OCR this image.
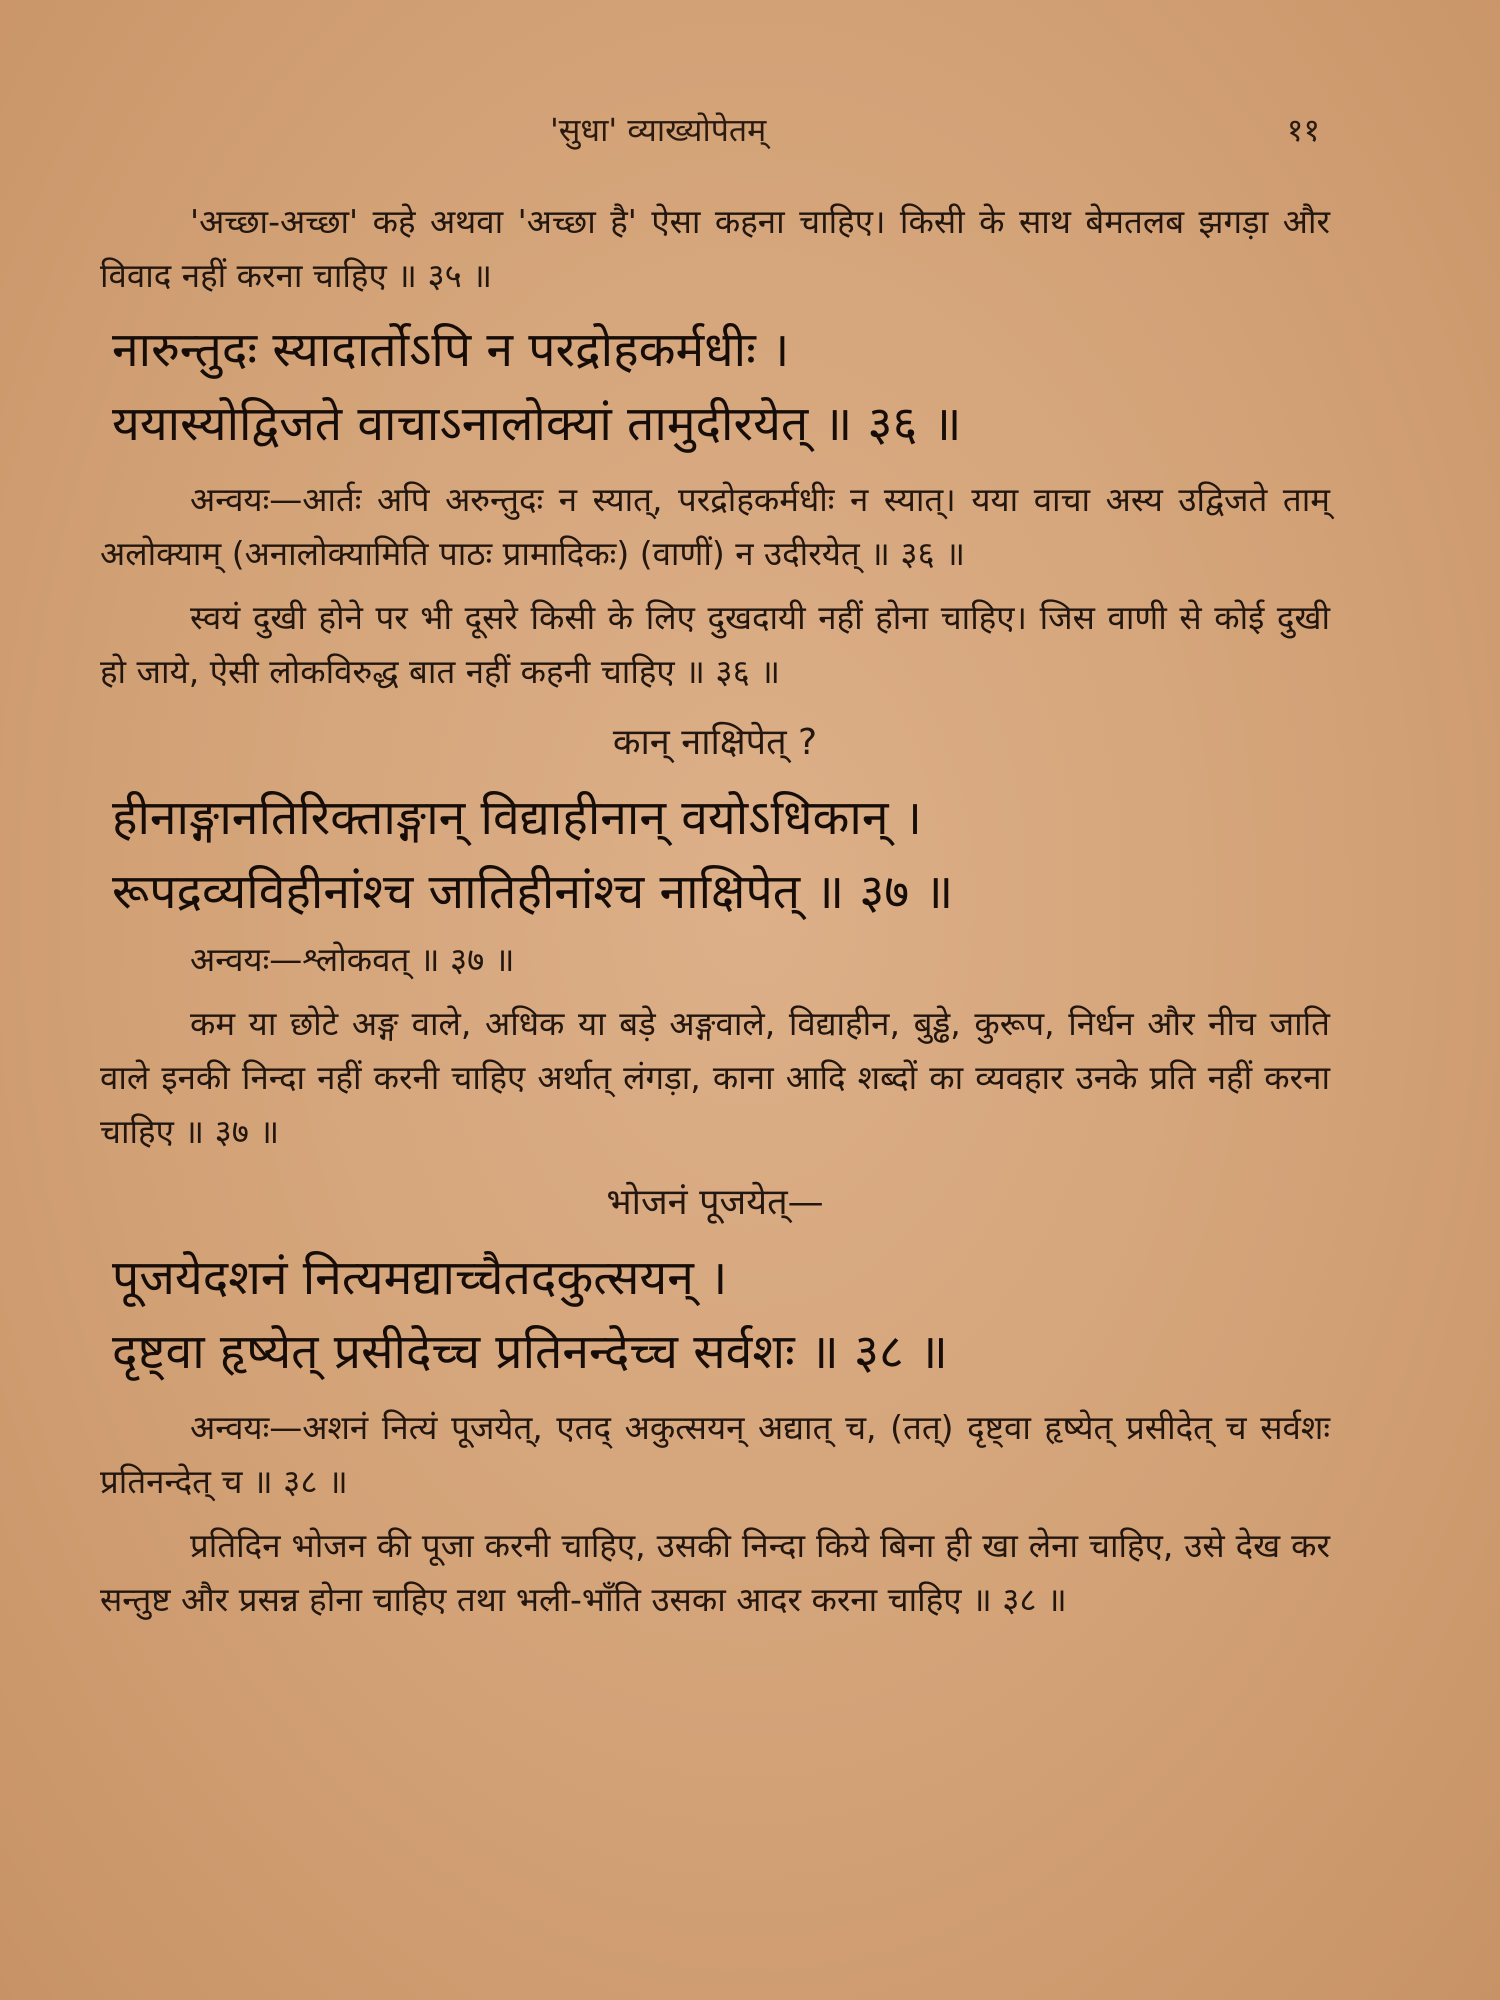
'सुधा' व्याख्योपेतम्	११

'अच्छा-अच्छा' कहे अथवा 'अच्छा है' ऐसा कहना चाहिए। किसी के साथ बेमतलब झगड़ा और विवाद नहीं करना चाहिए ॥ ३५ ॥

नारुन्तुदः स्यादार्तोऽपि न परद्रोहकर्मधीः ।
ययास्योद्विजते वाचाऽनालोक्यां तामुदीरयेत् ॥ ३६ ॥

अन्वयः—आर्तः अपि अरुन्तुदः न स्यात्, परद्रोहकर्मधीः न स्यात्। यया वाचा अस्य उद्विजते ताम् अलोक्याम् (अनालोक्यामिति पाठः प्रामादिकः) (वाणीं) न उदीरयेत् ॥ ३६ ॥

स्वयं दुखी होने पर भी दूसरे किसी के लिए दुखदायी नहीं होना चाहिए। जिस वाणी से कोई दुखी हो जाये, ऐसी लोकविरुद्ध बात नहीं कहनी चाहिए ॥ ३६ ॥

कान् नाक्षिपेत् ?
हीनाङ्गानतिरिक्ताङ्गान् विद्याहीनान् वयोऽधिकान् ।
रूपद्रव्यविहीनांश्च जातिहीनांश्च नाक्षिपेत् ॥ ३७ ॥

अन्वयः—श्लोकवत् ॥ ३७ ॥

कम या छोटे अङ्ग वाले, अधिक या बड़े अङ्गवाले, विद्याहीन, बुड्ढे, कुरूप, निर्धन और नीच जाति वाले इनकी निन्दा नहीं करनी चाहिए अर्थात् लंगड़ा, काना आदि शब्दों का व्यवहार उनके प्रति नहीं करना चाहिए ॥ ३७ ॥

भोजनं पूजयेत्—
पूजयेदशनं नित्यमद्याच्चैतदकुत्सयन् ।
दृष्ट्वा हृष्येत् प्रसीदेच्च प्रतिनन्देच्च सर्वशः ॥ ३८ ॥

अन्वयः—अशनं नित्यं पूजयेत्, एतद् अकुत्सयन् अद्यात् च, (तत्) दृष्ट्वा हृष्येत् प्रसीदेत् च सर्वशः प्रतिनन्देत् च ॥ ३८ ॥

प्रतिदिन भोजन की पूजा करनी चाहिए, उसकी निन्दा किये बिना ही खा लेना चाहिए, उसे देख कर सन्तुष्ट और प्रसन्न होना चाहिए तथा भली-भाँति उसका आदर करना चाहिए ॥ ३८ ॥
